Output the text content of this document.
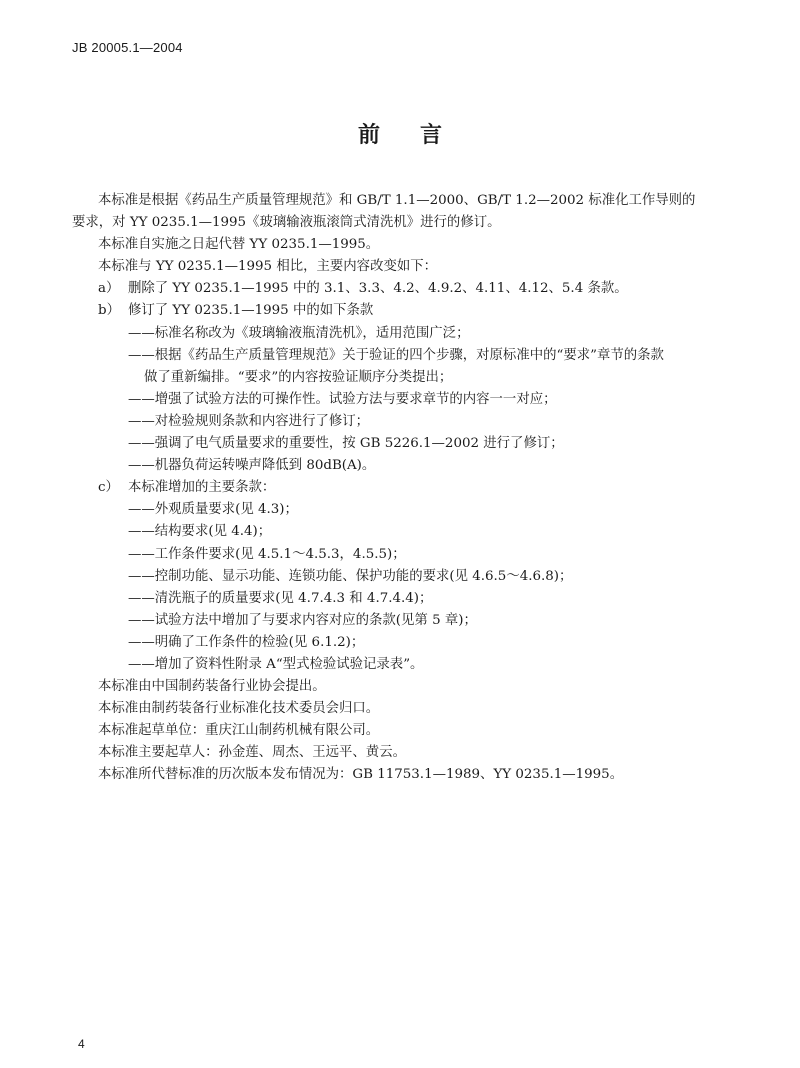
JB 20005.1—2004
前言
本标准是根据《药品生产质量管理规范》和 GB/T 1.1—2000、GB/T 1.2—2002 标准化工作导则的
要求，对 YY 0235.1—1995《玻璃输液瓶滚筒式清洗机》进行的修订。
本标准自实施之日起代替 YY 0235.1—1995。
本标准与 YY 0235.1—1995 相比，主要内容改变如下：
a） 删除了 YY 0235.1—1995 中的 3.1、3.3、4.2、4.9.2、4.11、4.12、5.4 条款。
b） 修订了 YY 0235.1—1995 中的如下条款
——标准名称改为《玻璃输液瓶清洗机》，适用范围广泛；
——根据《药品生产质量管理规范》关于验证的四个步骤，对原标准中的“要求”章节的条款
做了重新编排。“要求”的内容按验证顺序分类提出；
——增强了试验方法的可操作性。试验方法与要求章节的内容一一对应；
——对检验规则条款和内容进行了修订；
——强调了电气质量要求的重要性，按 GB 5226.1—2002 进行了修订；
——机器负荷运转噪声降低到 80dB(A)。
c） 本标准增加的主要条款：
——外观质量要求(见 4.3)；
——结构要求(见 4.4)；
——工作条件要求(见 4.5.1～4.5.3，4.5.5)；
——控制功能、显示功能、连锁功能、保护功能的要求(见 4.6.5～4.6.8)；
——清洗瓶子的质量要求(见 4.7.4.3 和 4.7.4.4)；
——试验方法中增加了与要求内容对应的条款(见第 5 章)；
——明确了工作条件的检验(见 6.1.2)；
——增加了资料性附录 A“型式检验试验记录表”。
本标准由中国制药装备行业协会提出。
本标准由制药装备行业标准化技术委员会归口。
本标准起草单位：重庆江山制药机械有限公司。
本标准主要起草人：孙金莲、周杰、王远平、黄云。
本标准所代替标准的历次版本发布情况为：GB 11753.1—1989、YY 0235.1—1995。
4
